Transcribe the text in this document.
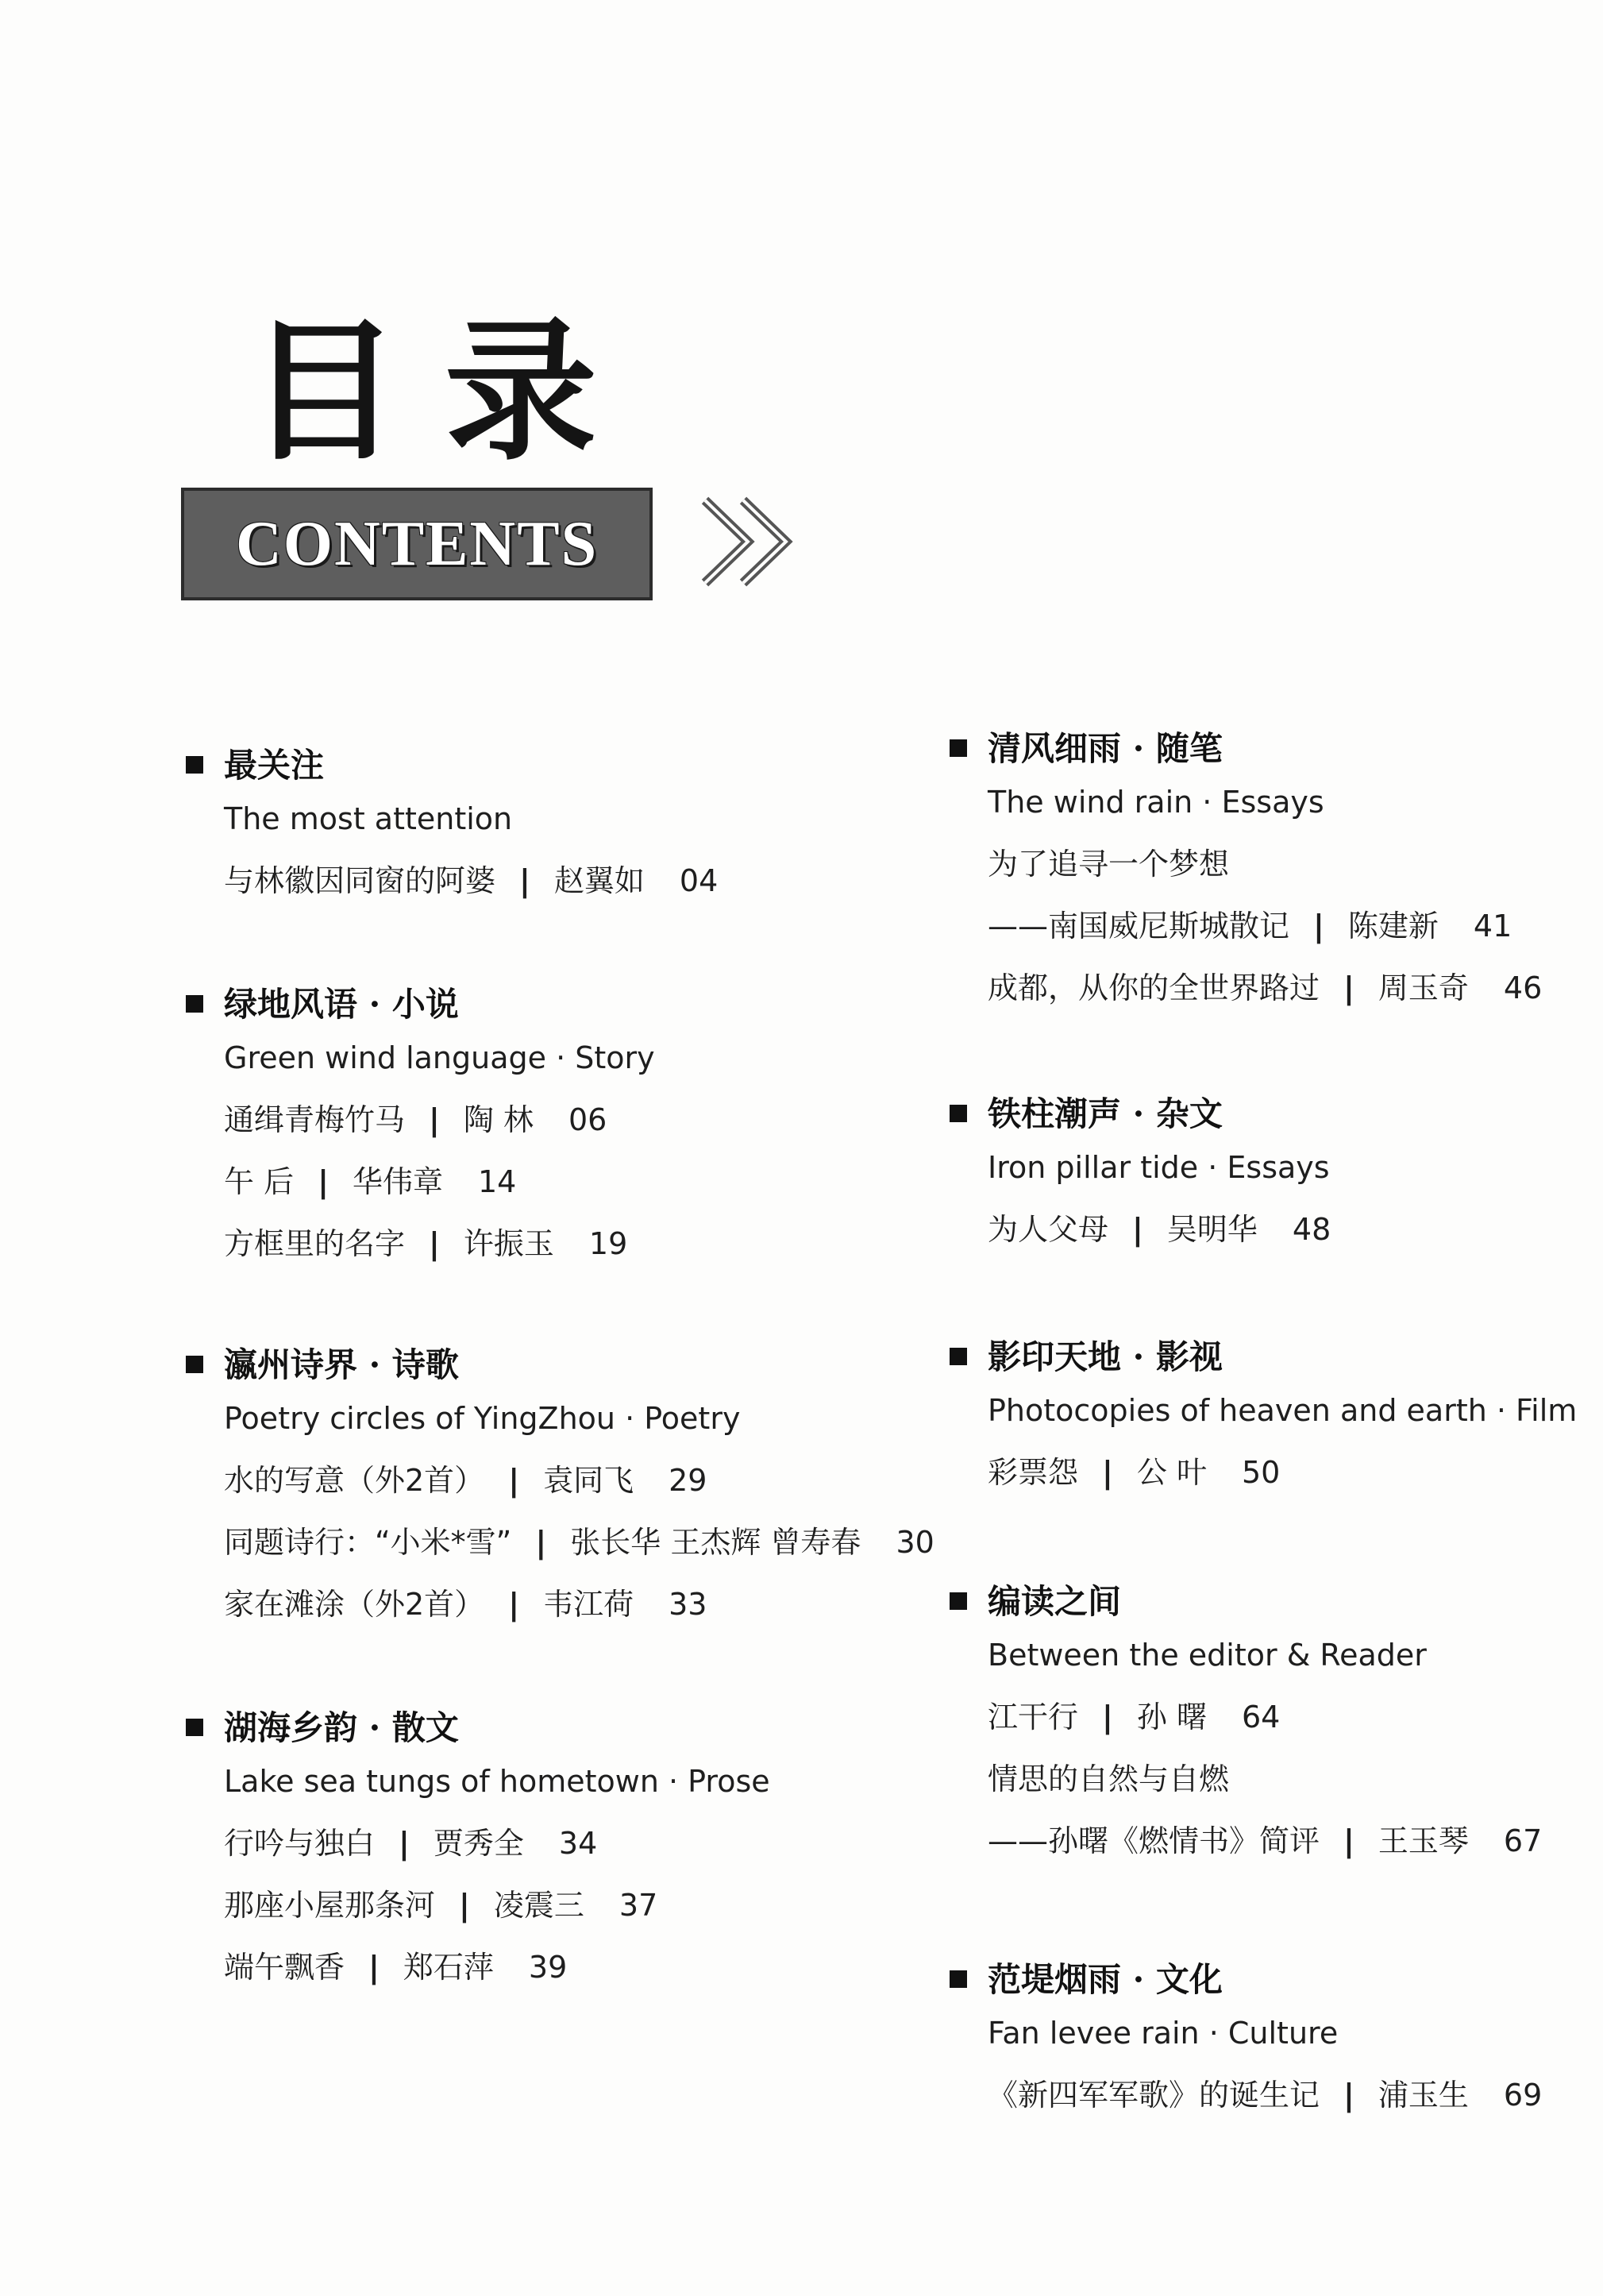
目录
CONTENTS
最关注
The most attention
与林徽因同窗的阿婆 | 赵翼如 04
绿地风语 · 小说
Green wind language · Story
通缉青梅竹马 | 陶 林 06
午 后 | 华伟章 14
方框里的名字 | 许振玉 19
瀛州诗界 · 诗歌
Poetry circles of YingZhou · Poetry
水的写意（外2首） | 袁同飞 29
同题诗行：“小米*雪” | 张长华 王杰辉 曾寿春 30
家在滩涂（外2首） | 韦江荷 33
湖海乡韵 · 散文
Lake sea tungs of hometown · Prose
行吟与独白 | 贾秀全 34
那座小屋那条河 | 凌震三 37
端午飘香 | 郑石萍 39
清风细雨 · 随笔
The wind rain · Essays
为了追寻一个梦想
——南国威尼斯城散记 | 陈建新 41
成都，从你的全世界路过 | 周玉奇 46
铁柱潮声 · 杂文
Iron pillar tide · Essays
为人父母 | 吴明华 48
影印天地 · 影视
Photocopies of heaven and earth · Film
彩票怨 | 公 叶 50
编读之间
Between the editor & Reader
江干行 | 孙 曙 64
情思的自然与自燃
——孙曙《燃情书》简评 | 王玉琴 67
范堤烟雨 · 文化
Fan levee rain · Culture
《新四军军歌》的诞生记 | 浦玉生 69
